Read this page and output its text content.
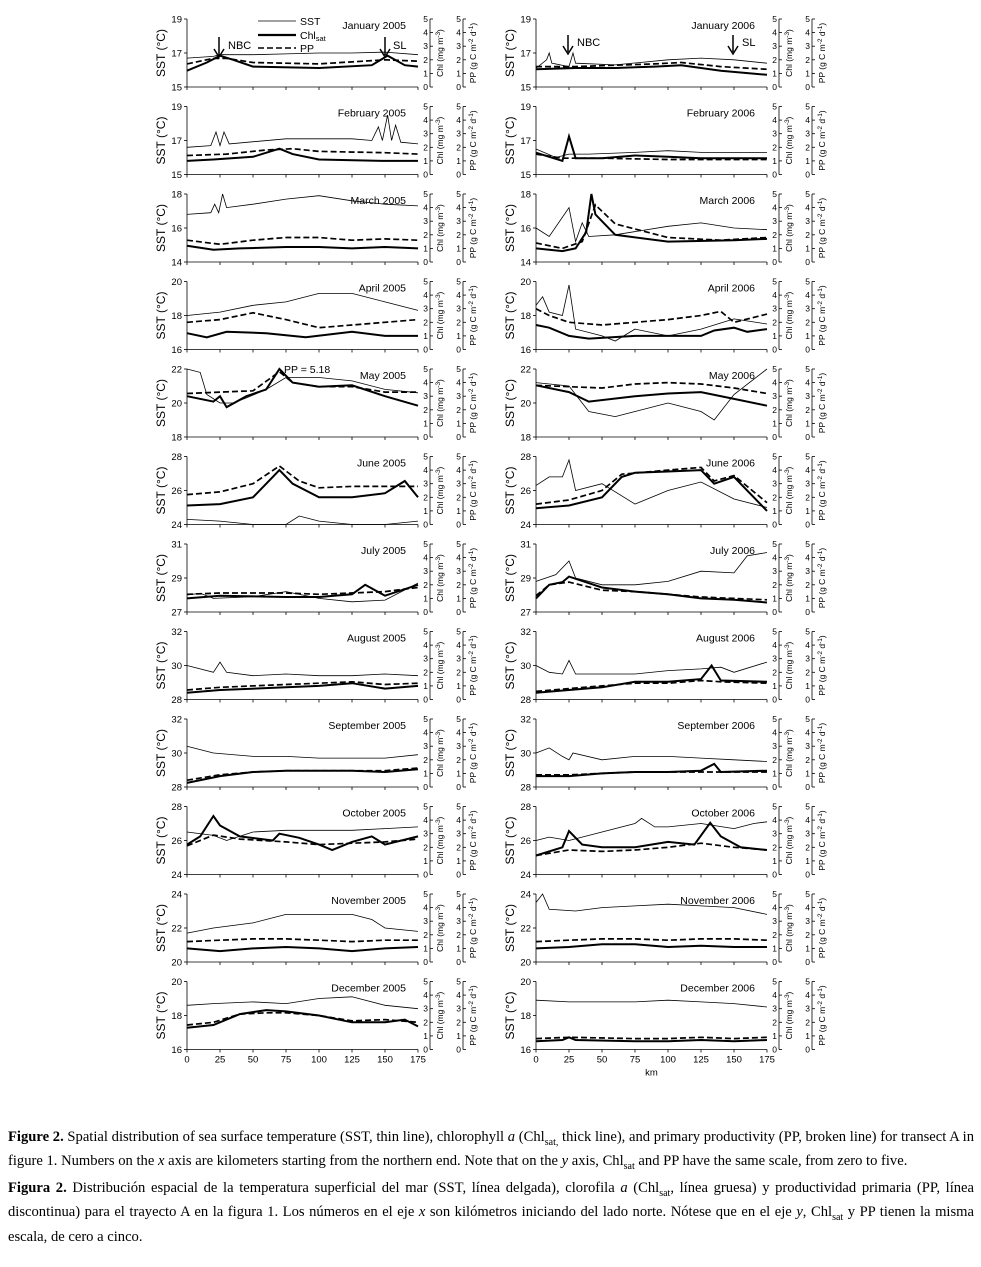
15
17
19
0	0
1	1
2	2
3	3
4	4
5	5
SST (°C)	Chl (mg $m^{-3}$)
PP (g C $m^{-2}$ $d^{-1}$)
January 2005
15
17
19
0	0
1	1
2	2
3	3
4	4
5	5
SST (°C)	Chl (mg $m^{-3}$)
PP (g C $m^{-2}$ $d^{-1}$)
January 2006
15
17
19
0	0
1	1
2	2
3	3
4	4
5	5
SST (°C)	Chl (mg $m^{-3}$)
PP (g C $m^{-2}$ $d^{-1}$)
February 2005
15
17
19
0	0
1	1
2	2
3	3
4	4
5	5
SST (°C)	Chl (mg $m^{-3}$)
PP (g C $m^{-2}$ $d^{-1}$)
February 2006
14
16
18
0	0
1	1
2	2
3	3
4	4
5	5
SST (°C)	Chl (mg $m^{-3}$)
PP (g C $m^{-2}$ $d^{-1}$)
March 2005
14
16
18
0	0
1	1
2	2
3	3
4	4
5	5
SST (°C)	Chl (mg $m^{-3}$)
PP (g C $m^{-2}$ $d^{-1}$)
March 2006
16
18
20
0	0
1	1
2	2
3	3
4	4
5	5
SST (°C)	Chl (mg $m^{-3}$)
PP (g C $m^{-2}$ $d^{-1}$)
April 2005
16
18
20
0	0
1	1
2	2
3	3
4	4
5	5
SST (°C)	Chl (mg $m^{-3}$)
PP (g C $m^{-2}$ $d^{-1}$)
April 2006
18
20
22
0	0
1	1
2	2
3	3
4	4
5	5
SST (°C)	Chl (mg $m^{-3}$)
PP (g C $m^{-2}$ $d^{-1}$)
May 2005
18
20
22
0	0
1	1
2	2
3	3
4	4
5	5
SST (°C)	Chl (mg $m^{-3}$)
PP (g C $m^{-2}$ $d^{-1}$)
May 2006
24
26
28
0	0
1	1
2	2
3	3
4	4
5	5
SST (°C)	Chl (mg $m^{-3}$)
PP (g C $m^{-2}$ $d^{-1}$)
June 2005
24
26
28
0	0
1	1
2	2
3	3
4	4
5	5
SST (°C)	Chl (mg $m^{-3}$)
PP (g C $m^{-2}$ $d^{-1}$)
June 2006
27
29
31
0	0
1	1
2	2
3	3
4	4
5	5
SST (°C)	Chl (mg $m^{-3}$)
PP (g C $m^{-2}$ $d^{-1}$)
July 2005
27
29
31
0	0
1	1
2	2
3	3
4	4
5	5
SST (°C)	Chl (mg $m^{-3}$)
PP (g C $m^{-2}$ $d^{-1}$)
July 2006
28
30
32
0	0
1	1
2	2
3	3
4	4
5	5
SST (°C)	Chl (mg $m^{-3}$)
PP (g C $m^{-2}$ $d^{-1}$)
August 2005
28
30
32
0	0
1	1
2	2
3	3
4	4
5	5
SST (°C)	Chl (mg $m^{-3}$)
PP (g C $m^{-2}$ $d^{-1}$)
August 2006
28
30
32
0	0
1	1
2	2
3	3
4	4
5	5
SST (°C)	Chl (mg $m^{-3}$)
PP (g C $m^{-2}$ $d^{-1}$)
September 2005
28
30
32
0	0
1	1
2	2
3	3
4	4
5	5
SST (°C)	Chl (mg $m^{-3}$)
PP (g C $m^{-2}$ $d^{-1}$)
September 2006
24
26
28
0	0
1	1
2	2
3	3
4	4
5	5
SST (°C)	Chl (mg $m^{-3}$)
PP (g C $m^{-2}$ $d^{-1}$)
October 2005
24
26
28
0	0
1	1
2	2
3	3
4	4
5	5
SST (°C)	Chl (mg $m^{-3}$)
PP (g C $m^{-2}$ $d^{-1}$)
October 2006
20
22
24
0	0
1	1
2	2
3	3
4	4
5	5
SST (°C)	Chl (mg $m^{-3}$)
PP (g C $m^{-2}$ $d^{-1}$)
November 2005
20
22
24
0	0
1	1
2	2
3	3
4	4
5	5
SST (°C)	Chl (mg $m^{-3}$)
PP (g C $m^{-2}$ $d^{-1}$)
November 2006
16
18
20
0	0
1	1
2	2
3	3
4	4
5	5
0	25 50 75 100 125 150 175
SST (°C)	Chl (mg $m^{-3}$)
PP (g C $m^{-2}$ $d^{-1}$)
December 2005
16
18
20
0	0
1	1
2	2
3	3
4	4
5	5
0	25 50 75 100 125 150 175
SST (°C)	Chl (mg $m^{-3}$)
PP (g C $m^{-2}$ $d^{-1}$)
December 2006
km
SST
Chlsat
PP
NBC	SL	NBC	SL
PP = 5.18

Figure 2. Spatial distribution of sea surface temperature (SST, thin line), chlorophyll a (Chl$_{sat,}$ thick line), and primary productivity (PP, broken line) for transect A in figure 1. Numbers on the x axis are kilometers starting from the northern end. Note that on the y axis, Chl$_{sat}$ and PP have the same scale, from zero to five.

Figura 2. Distribución espacial de la temperatura superficial del mar (SST, línea delgada), clorofila a (Chl$_{sat}$, línea gruesa) y productividad primaria (PP, línea discontinua) para el trayecto A en la figura 1. Los números en el eje x son kilómetros iniciando del lado norte. Nótese que en el eje y, Chl$_{sat}$ y PP tienen la misma escala, de cero a cinco.
